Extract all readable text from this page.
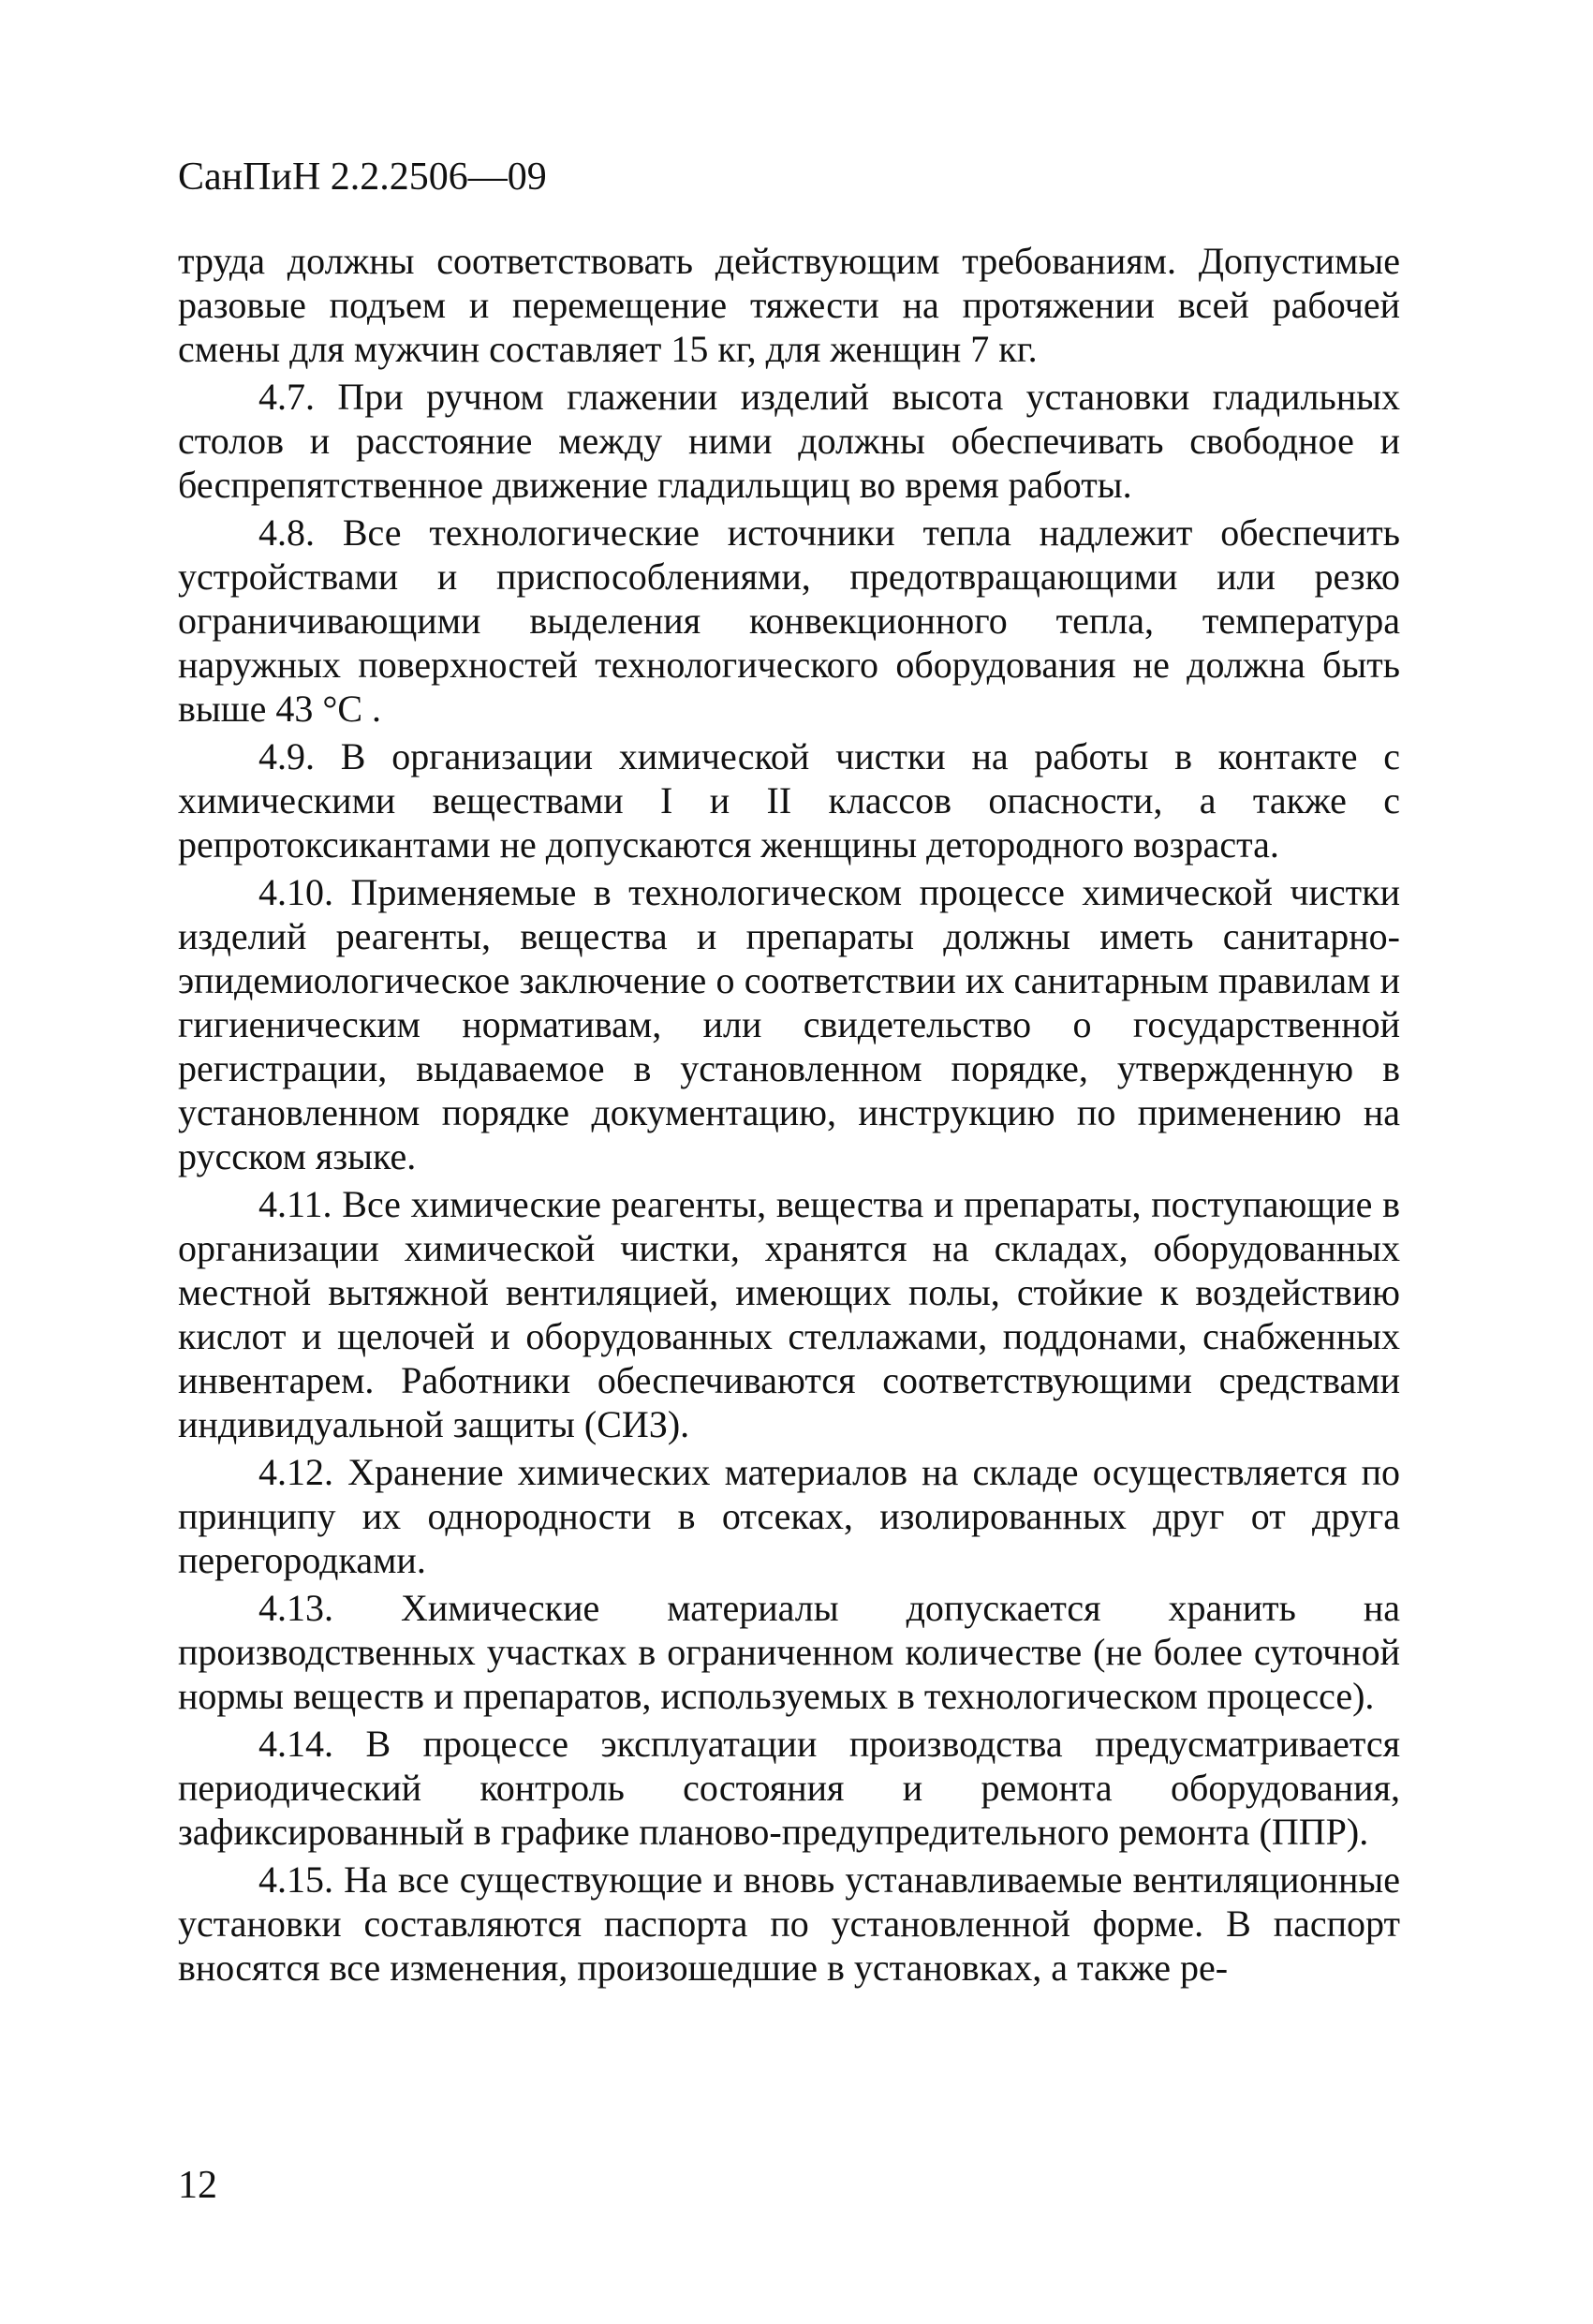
СанПиН 2.2.2506—09

труда должны соответствовать действующим требованиям. Допустимые разовые подъем и перемещение тяжести на протяжении всей рабочей смены для мужчин составляет 15 кг, для женщин 7 кг.

4.7. При ручном глажении изделий высота установки гладильных столов и расстояние между ними должны обеспечивать свободное и беспрепятственное движение гладильщиц во время работы.

4.8. Все технологические источники тепла надлежит обеспечить устройствами и приспособлениями, предотвращающими или резко ограничивающими выделения конвекционного тепла, температура наружных поверхностей технологического оборудования не должна быть выше 43 °С .

4.9. В организации химической чистки на работы в контакте с химическими веществами I и II классов опасности, а также с репротоксикантами не допускаются женщины детородного возраста.

4.10. Применяемые в технологическом процессе химической чистки изделий реагенты, вещества и препараты должны иметь санитарно-эпидемиологическое заключение о соответствии их санитарным правилам и гигиеническим нормативам, или свидетельство о государственной регистрации, выдаваемое в установленном порядке, утвержденную в установленном порядке документацию, инструкцию по применению на русском языке.

4.11. Все химические реагенты, вещества и препараты, поступающие в организации химической чистки, хранятся на складах, оборудованных местной вытяжной вентиляцией, имеющих полы, стойкие к воздействию кислот и щелочей и оборудованных стеллажами, поддонами, снабженных инвентарем. Работники обеспечиваются соответствующими средствами индивидуальной защиты (СИЗ).

4.12. Хранение химических материалов на складе осуществляется по принципу их однородности в отсеках, изолированных друг от друга перегородками.

4.13. Химические материалы допускается хранить на производственных участках в ограниченном количестве (не более суточной нормы веществ и препаратов, используемых в технологическом процессе).

4.14. В процессе эксплуатации производства предусматривается периодический контроль состояния и ремонта оборудования, зафиксированный в графике планово-предупредительного ремонта (ППР).

4.15. На все существующие и вновь устанавливаемые вентиляционные установки составляются паспорта по установленной форме. В паспорт вносятся все изменения, произошедшие в установках, а также ре-

12
